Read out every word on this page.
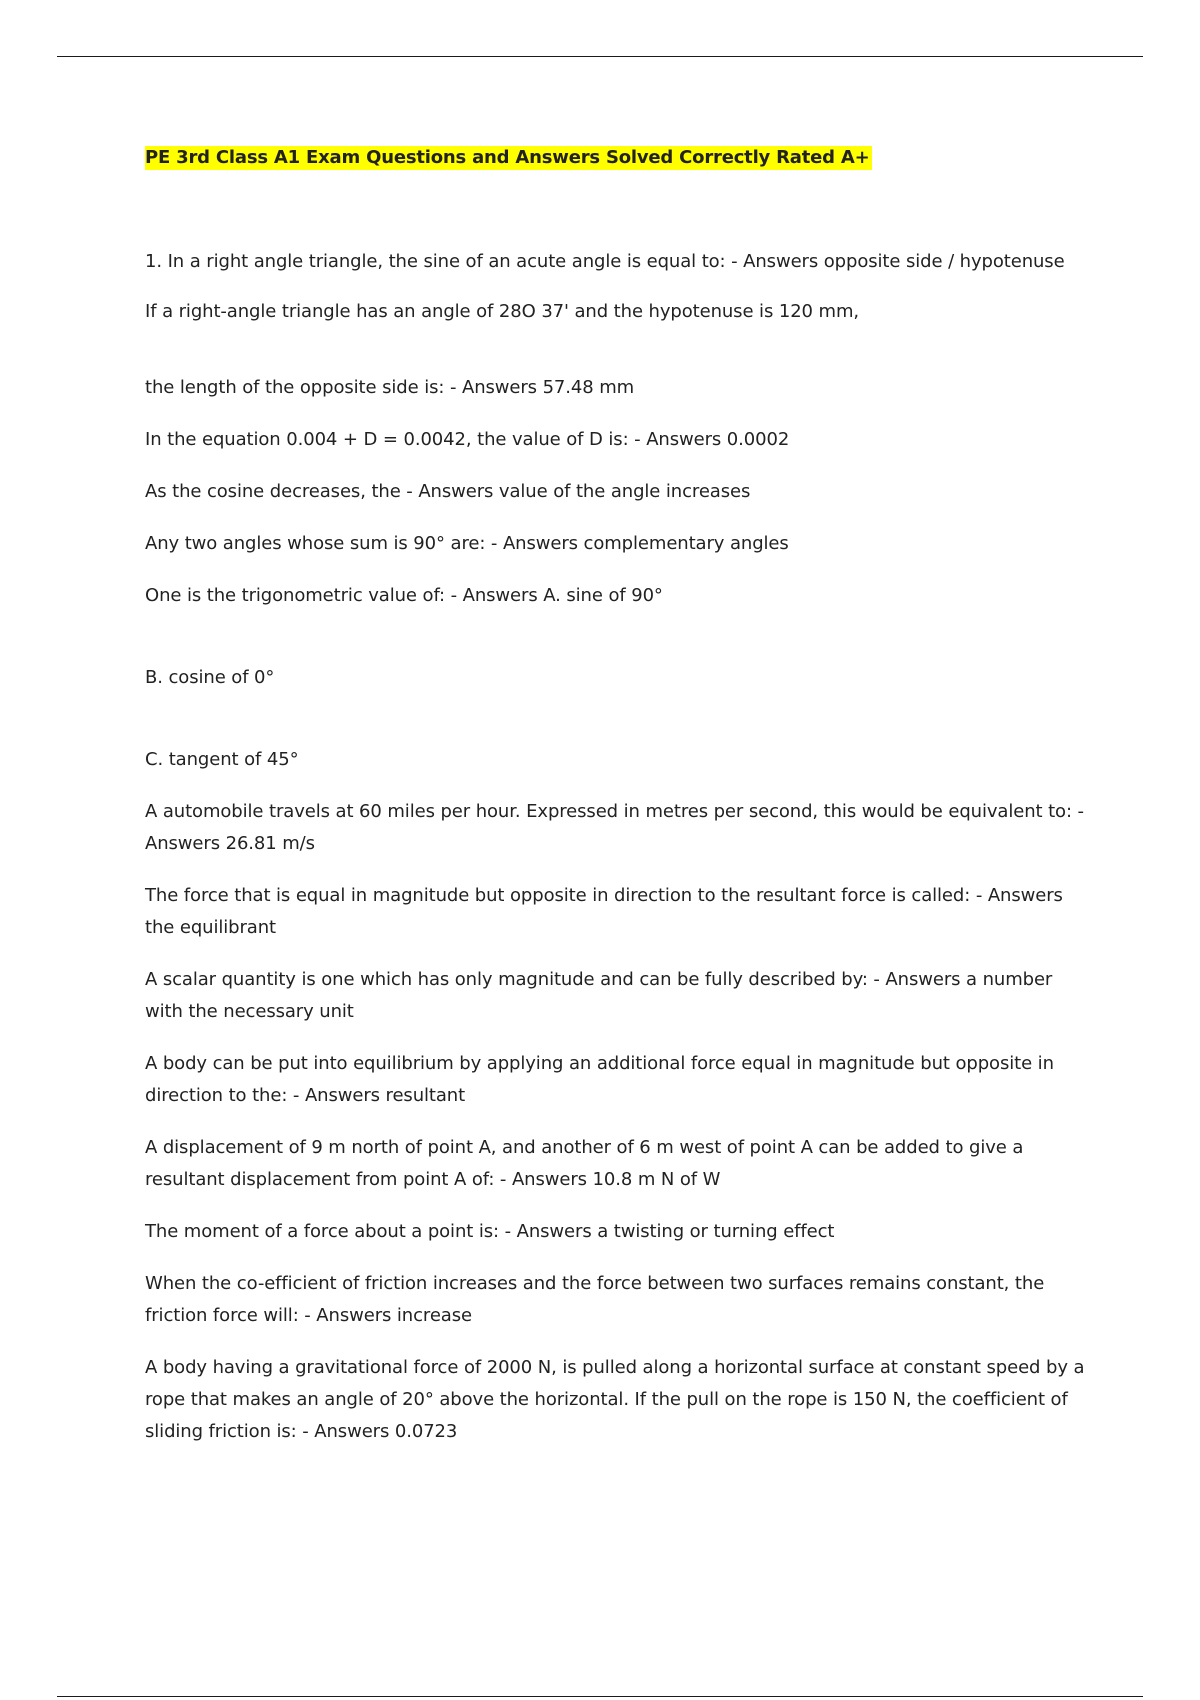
PE 3rd Class A1 Exam Questions and Answers Solved Correctly Rated A+

1. In a right angle triangle, the sine of an acute angle is equal to: - Answers opposite side / hypotenuse

If a right-angle triangle has an angle of 28O 37' and the hypotenuse is 120 mm,

the length of the opposite side is: - Answers 57.48 mm

In the equation 0.004 + D = 0.0042, the value of D is: - Answers 0.0002

As the cosine decreases, the - Answers value of the angle increases

Any two angles whose sum is 90° are: - Answers complementary angles

One is the trigonometric value of: - Answers A. sine of 90°

B. cosine of 0°

C. tangent of 45°

A automobile travels at 60 miles per hour. Expressed in metres per second, this would be equivalent to: - Answers 26.81 m/s

The force that is equal in magnitude but opposite in direction to the resultant force is called: - Answers the equilibrant

A scalar quantity is one which has only magnitude and can be fully described by: - Answers a number with the necessary unit

A body can be put into equilibrium by applying an additional force equal in magnitude but opposite in direction to the: - Answers resultant

A displacement of 9 m north of point A, and another of 6 m west of point A can be added to give a resultant displacement from point A of: - Answers 10.8 m N of W

The moment of a force about a point is: - Answers a twisting or turning effect

When the co-efficient of friction increases and the force between two surfaces remains constant, the friction force will: - Answers increase

A body having a gravitational force of 2000 N, is pulled along a horizontal surface at constant speed by a rope that makes an angle of 20° above the horizontal. If the pull on the rope is 150 N, the coefficient of sliding friction is: - Answers 0.0723
